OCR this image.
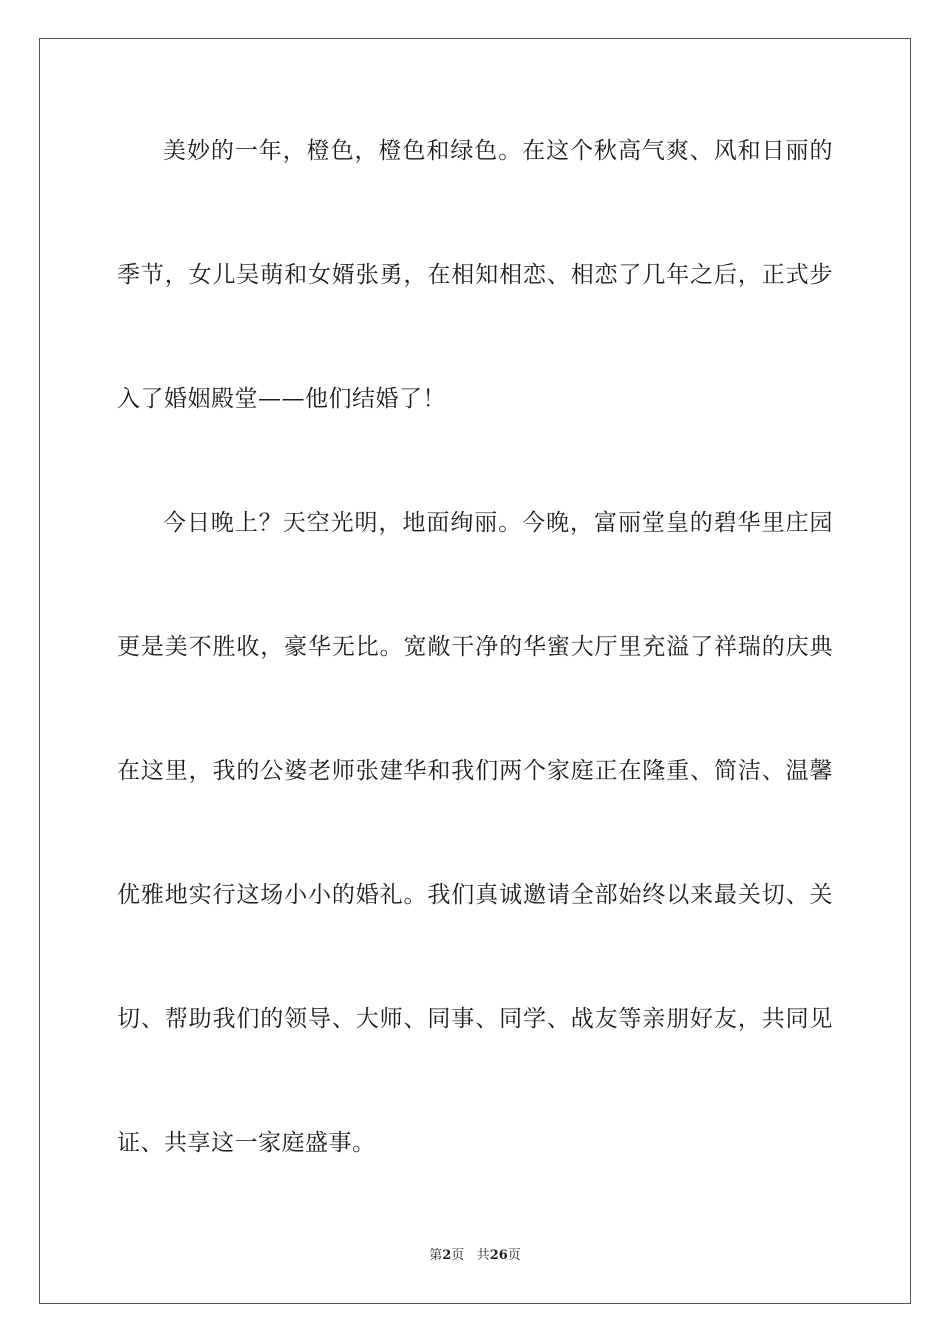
美妙的一年，橙色，橙色和绿色。在这个秋高气爽、风和日丽的
季节，女儿吴萌和女婿张勇，在相知相恋、相恋了几年之后，正式步
入了婚姻殿堂——他们结婚了！
今日晚上？天空光明，地面绚丽。今晚，富丽堂皇的碧华里庄园
更是美不胜收，豪华无比。宽敞干净的华蜜大厅里充溢了祥瑞的庆典
在这里，我的公婆老师张建华和我们两个家庭正在隆重、简洁、温馨
优雅地实行这场小小的婚礼。我们真诚邀请全部始终以来最关切、关
切、帮助我们的领导、大师、同事、同学、战友等亲朋好友，共同见
证、共享这一家庭盛事。
第2页 共26页
